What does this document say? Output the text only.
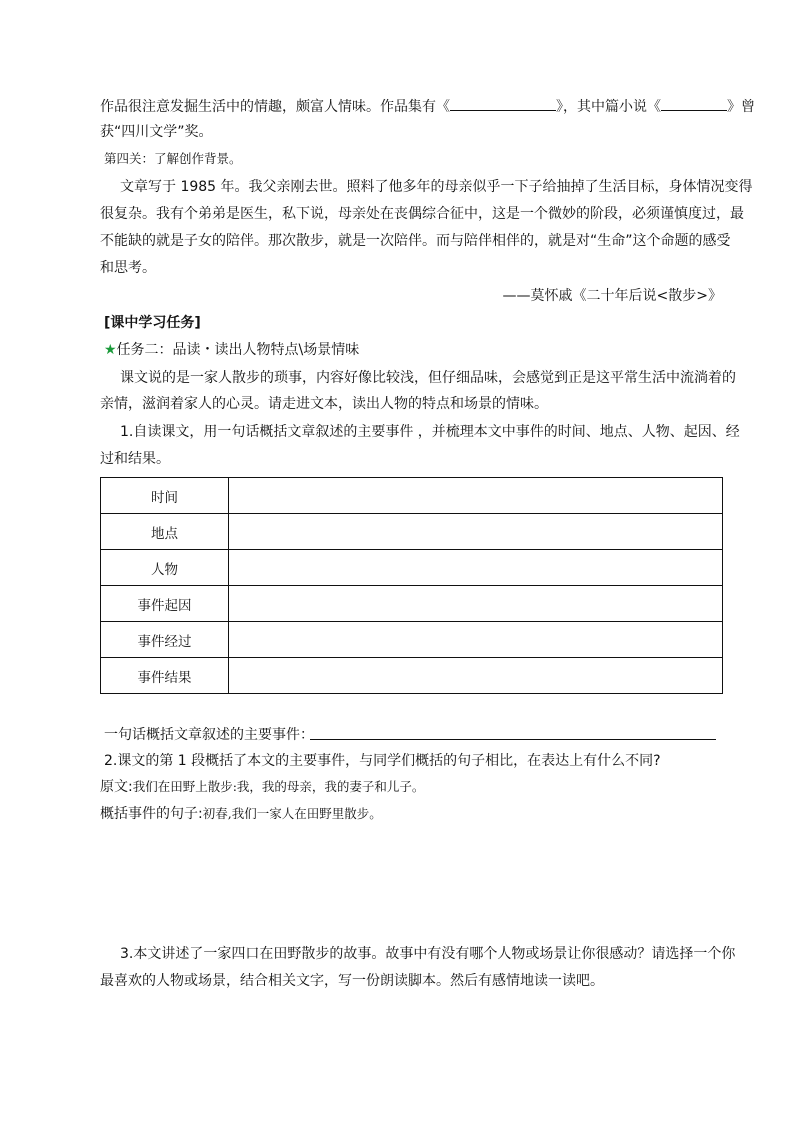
作品很注意发掘生活中的情趣，颇富人情味。作品集有《	》，其中篇小说《	》曾
获“四川文学”奖。
第四关：了解创作背景。
文章写于 1985 年。我父亲刚去世。照料了他多年的母亲似乎一下子给抽掉了生活目标，身体情况变得
很复杂。我有个弟弟是医生，私下说，母亲处在丧偶综合征中，这是一个微妙的阶段，必须谨慎度过，最
不能缺的就是子女的陪伴。那次散步，就是一次陪伴。而与陪伴相伴的，就是对“生命”这个命题的感受
和思考。
——莫怀戚《二十年后说<散步>》
[课中学习任务]
★任务二：品读・读出人物特点\场景情味
课文说的是一家人散步的琐事，内容好像比较浅，但仔细品味，会感觉到正是这平常生活中流淌着的
亲情，滋润着家人的心灵。请走进文本，读出人物的特点和场景的情味。
1.自读课文，用一句话概括文章叙述的主要事件 ，并梳理本文中事件的时间、地点、人物、起因、经
过和结果。
时间	
地点	
人物	
事件起因	
事件经过	
事件结果	
一句话概括文章叙述的主要事件：
2.课文的第 1 段概括了本文的主要事件，与同学们概括的句子相比，在表达上有什么不同?
原文:我们在田野上散步:我，我的母亲，我的妻子和儿子。
概括事件的句子:初春,我们一家人在田野里散步。
3.本文讲述了一家四口在田野散步的故事。故事中有没有哪个人物或场景让你很感动？请选择一个你
最喜欢的人物或场景，结合相关文字，写一份朗读脚本。然后有感情地读一读吧。
